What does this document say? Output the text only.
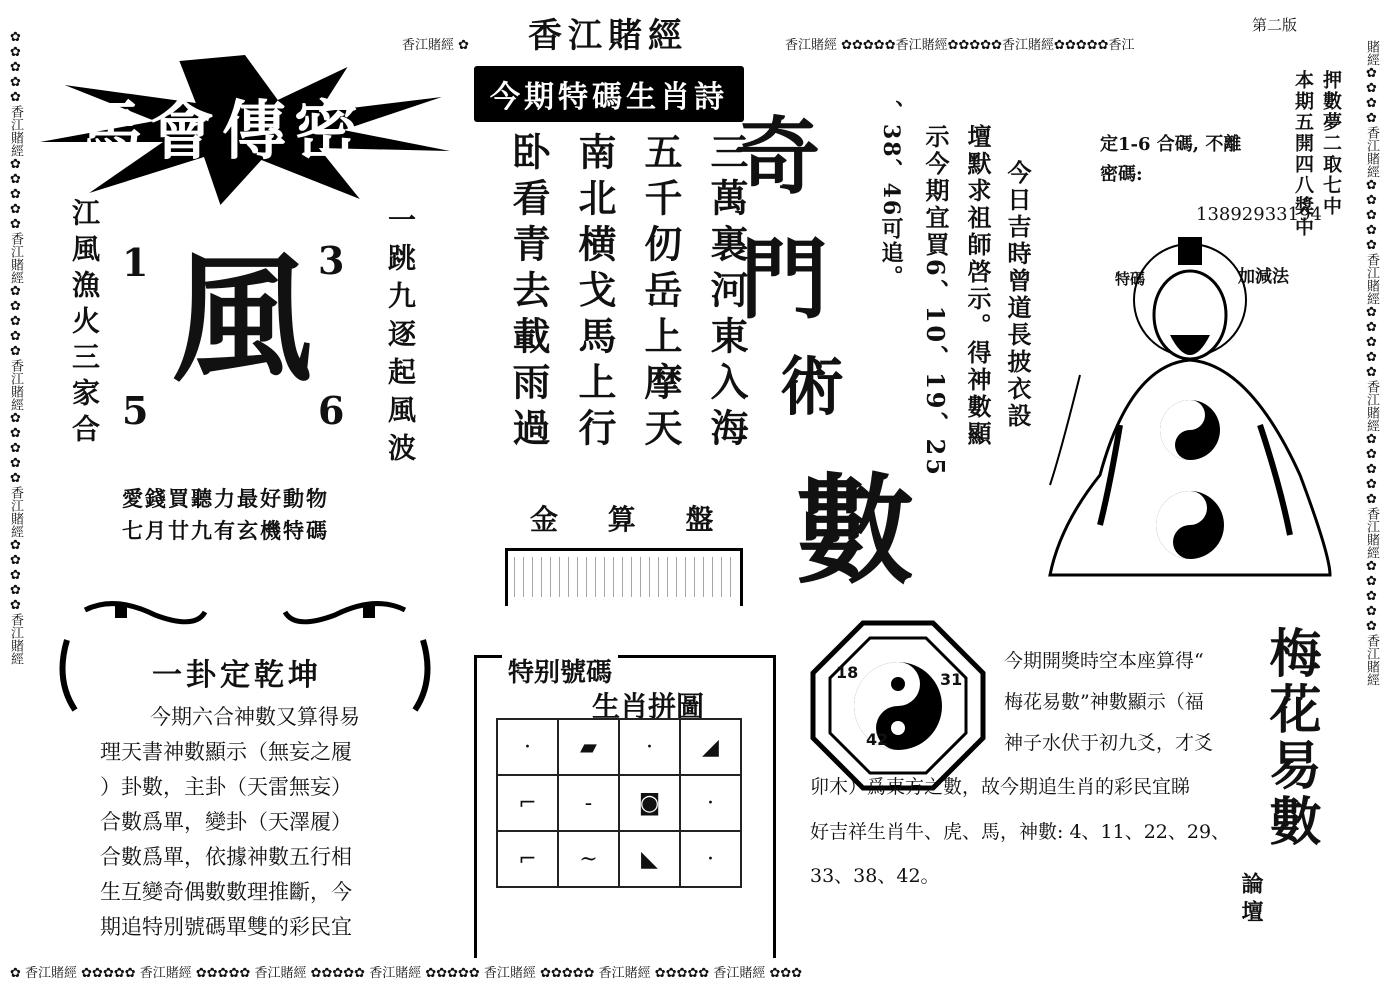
香江賭經 ✿	香江賭經 ✿✿✿✿✿香江賭經✿✿✿✿✿香江賭經✿✿✿✿✿香江
✿ 香江賭經 ✿✿✿✿✿ 香江賭經 ✿✿✿✿✿ 香江賭經 ✿✿✿✿✿ 香江賭經 ✿✿✿✿✿ 香江賭經 ✿✿✿✿✿ 香江賭經 ✿✿✿✿✿ 香江賭經 ✿✿✿
✿✿✿✿✿香江賭經✿✿✿✿✿香江賭經✿✿✿✿✿香江賭經✿✿✿✿✿香江賭經✿✿✿✿✿香江賭經	賭經✿✿✿✿香江賭經✿✿✿✿✿香江賭經✿✿✿✿✿香江賭經✿✿✿✿✿香江賭經✿✿✿✿✿香江賭經
香江賭經	第二版
馬會傳密
江風漁火三家合	一跳九逐起風波
1	3
5	6
風
愛錢買聽力最好動物
七月廿九有玄機特碼
今期特碼生肖詩
三萬裏河東入海
五千仞岳上摩天
南北横戈馬上行
卧看青去載雨過
金 算 盤
奇
門
術
數
今日吉時曾道長披衣設
壇默求祖師啓示。得神數顯
示今期宜買6、10、19、25
、38、46可追。	押數夢二取七中
本期五開四八獎中
定1-6 合碼, 不離
密碼:
13892933194
特碼	加減法
一卦定乾坤
今期六合神數又算得易
理天書神數顯示（無妄之履
）卦數，主卦（天雷無妄）
合數爲單，變卦（天澤履）
合數爲單，依據神數五行相
生互變奇偶數數理推斷，今
期追特別號碼單雙的彩民宜
特别號碼
生肖拼圖
·	▰	·	◢
⌐	-	◙	·
⌐	~	◣	·
18	31
42
今期開獎時空本座算得“
梅花易數”神數顯示（福
神子水伏于初九爻，才爻
卯木）爲東方之數，故今期追生肖的彩民宜睇
好吉祥生肖牛、虎、馬，神數: 4、11、22、29、
33、38、42。
梅花易數
論壇
